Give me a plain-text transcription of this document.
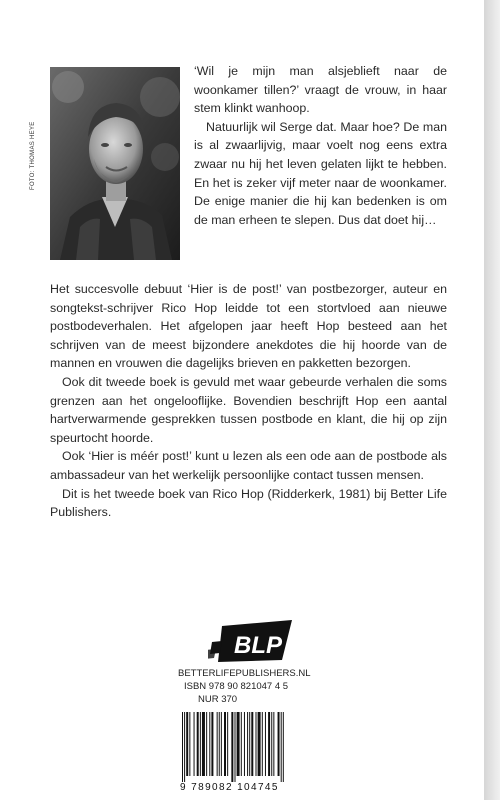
FOTO: THOMAS HEYE

‘Wil je mijn man alsjeblieft naar de woonkamer tillen?’ vraagt de vrouw, in haar stem klinkt wanhoop.

Natuurlijk wil Serge dat. Maar hoe? De man is al zwaarlijvig, maar voelt nog eens extra zwaar nu hij het leven gelaten lijkt te hebben. En het is zeker vijf meter naar de woonkamer. De enige manier die hij kan bedenken is om de man erheen te slepen. Dus dat doet hij…

Het succesvolle debuut ‘Hier is de post!’ van postbezorger, auteur en songtekst-schrijver Rico Hop leidde tot een stortvloed aan nieuwe postbodeverhalen. Het afgelopen jaar heeft Hop besteed aan het schrijven van de meest bijzondere anekdotes die hij hoorde van de mannen en vrouwen die dagelijks brieven en pakketten bezorgen.

Ook dit tweede boek is gevuld met waar gebeurde verhalen die soms grenzen aan het ongelooflijke. Bovendien beschrijft Hop een aantal hartverwarmende gesprekken tussen postbode en klant, die hij op zijn speurtocht hoorde.

Ook ‘Hier is méér post!’ kunt u lezen als een ode aan de postbode als ambassadeur van het werkelijk persoonlijke contact tussen mensen.

Dit is het tweede boek van Rico Hop (Ridderkerk, 1981) bij Better Life Publishers.

BLP
BETTERLIFEPUBLISHERS.NL
ISBN 978 90 821047 4 5
NUR 370
9 789082 104745
